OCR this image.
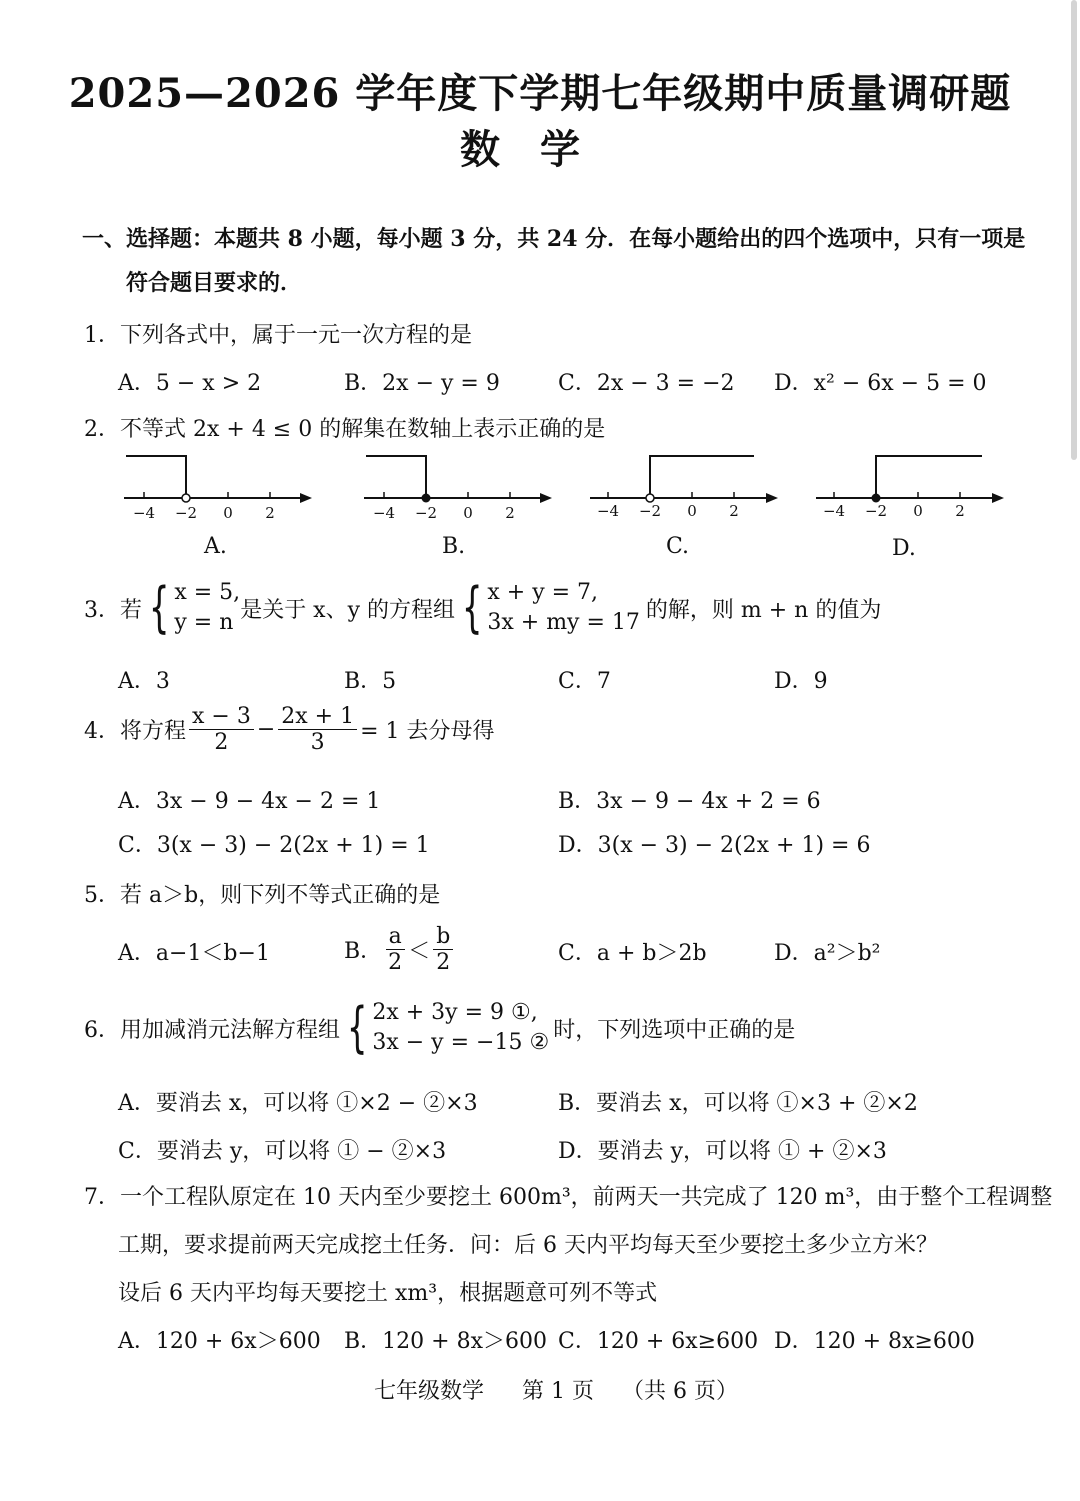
2025—2026 学年度下学期七年级期中质量调研题
数学
一、选择题：本题共 8 小题，每小题 3 分，共 24 分．在每小题给出的四个选项中，只有一项是
符合题目要求的．
1．下列各式中，属于一元一次方程的是
A．5 − x > 2	B．2x − y = 9	C．2x − 3 = −2 D．x² − 6x − 5 = 0
2．不等式 2x + 4 ≤ 0 的解集在数轴上表示正确的是
−4 −2 0 2
A.
−4 −2 0 2
B.
−4 −2 0 2
C.
−4 −2 0 2
D.
3．若 { x = 5,
y = n 是关于 x、y 的方程组 { x + y = 7,
3x + my = 17 的解，则 m + n 的值为
A．3	B．5	C．7	D．9
4．将方程 $\frac{x - 3}{2} - \frac{2x + 1}{3} = 1$ 去分母得
A．3x − 9 − 4x − 2 = 1	B．3x − 9 − 4x + 2 = 6
C．3(x − 3) − 2(2x + 1) = 1	D．3(x − 3) − 2(2x + 1) = 6
5．若 a＞b，则下列不等式正确的是
A．a−1＜b−1	B． $\frac{a}{2} < \frac{b}{2}$	C．a + b＞2b	D．a²＞b²
6．用加减消元法解方程组 { 2x + 3y = 9 ①,
3x − y = −15 ② 时，下列选项中正确的是
A．要消去 x，可以将 ①×2 − ②×3	B．要消去 x，可以将 ①×3 + ②×2
C．要消去 y，可以将 ① − ②×3	D．要消去 y，可以将 ① + ②×3
7．一个工程队原定在 10 天内至少要挖土 600m³，前两天一共完成了 120 m³，由于整个工程调整
工期，要求提前两天完成挖土任务．问：后 6 天内平均每天至少要挖土多少立方米？
设后 6 天内平均每天要挖土 xm³，根据题意可列不等式
A．120 + 6x＞600 B．120 + 8x＞600 C．120 + 6x≥600 D．120 + 8x≥600
七年级数学 第 1 页 （共 6 页）
